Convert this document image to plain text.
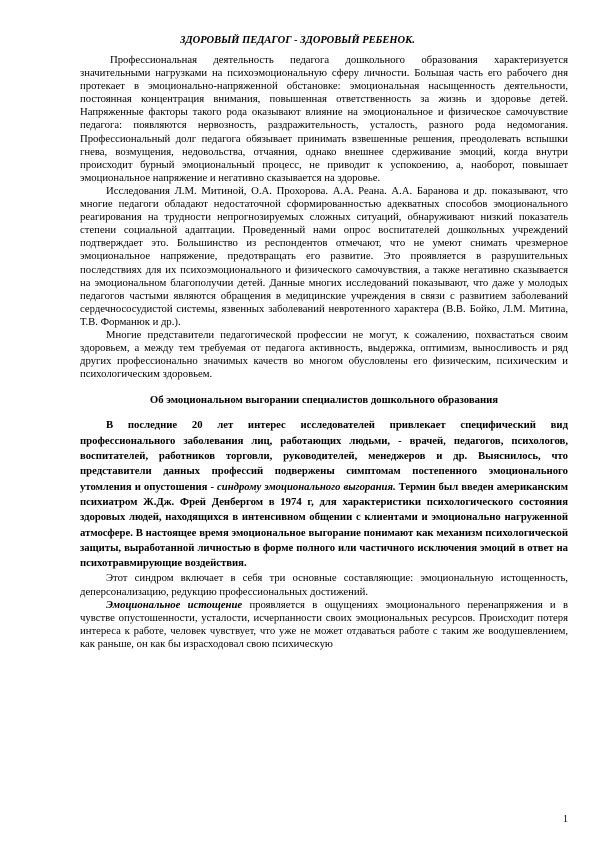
ЗДОРОВЫЙ ПЕДАГОГ - ЗДОРОВЫЙ РЕБЕНОК.

Профессиональная деятельность педагога дошкольного образования характеризуется значительными нагрузками на психоэмоциональную сферу личности. Большая часть его рабочего дня протекает в эмоционально-напряженной обстановке: эмоциональная насыщенность деятельности, постоянная концентрация внимания, повышенная ответственность за жизнь и здоровье детей. Напряженные факторы такого рода оказывают влияние на эмоциональное и физическое самочувствие педагога: появляются нервозность, раздражительность, усталость, разного рода недомогания. Профессиональный долг педагога обязывает принимать взвешенные решения, преодолевать вспышки гнева, возмущения, недовольства, отчаяния, однако внешнее сдерживание эмоций, когда внутри происходит бурный эмоциональный процесс, не приводит к успокоению, а, наоборот, повышает эмоциональное напряжение и негативно сказывается на здоровье.

Исследования Л.М. Митиной, О.А. Прохорова. А.А. Реана. А.А. Баранова и др. показывают, что многие педагоги обладают недостаточной сформированностью адекватных способов эмоционального реагирования на трудности непрогнозируемых сложных ситуаций, обнаруживают низкий показатель степени социальной адаптации. Проведенный нами опрос воспитателей дошкольных учреждений подтверждает это. Большинство из респондентов отмечают, что не умеют снимать чрезмерное эмоциональное напряжение, предотвращать его развитие. Это проявляется в разрушительных последствиях для их психоэмоционального и физического самочувствия, а также негативно сказывается на эмоциональном благополучии детей. Данные многих исследований показывают, что даже у молодых педагогов частыми являются обращения в медицинские учреждения в связи с развитием заболеваний сердечнососудистой системы, язвенных заболеваний невротенного характера (В.В. Бойко, Л.М. Митина, Т.В. Форманюк и др.).

Многие представители педагогической профессии не могут, к сожалению, похвастаться своим здоровьем, а между тем требуемая от педагога активность, выдержка, оптимизм, выносливость и ряд других профессионально значимых качеств во многом обусловлены его физическим, психическим и психологическим здоровьем.

Об эмоциональном выгорании специалистов дошкольного образования

В последние 20 лет интерес исследователей привлекает специфический вид профессионального заболевания лиц, работающих людьми, - врачей, педагогов, психологов, воспитателей, работников торговли, руководителей, менеджеров и др. Выяснилось, что представители данных профессий подвержены симптомам постепенного эмоционального утомления и опустошения - синдрому эмоционального выгорания. Термин был введен американским психиатром Ж.Дж. Фрей Денбергом в 1974 г, для характеристики психологического состояния здоровых людей, находящихся в интенсивном общении с клиентами и эмоционально нагруженной атмосфере. В настоящее время эмоциональное выгорание понимают как механизм психологической защиты, выработанной личностью в форме полного или частичного исключения эмоций в ответ на психотравмирующие воздействия.

Этот синдром включает в себя три основные составляющие: эмоциональную истощенность, деперсонализацию, редукцию профессиональных достижений.

Эмоциональное истощение проявляется в ощущениях эмоционального перенапряжения и в чувстве опустошенности, усталости, исчерпанности своих эмоциональных ресурсов. Происходит потеря интереса к работе, человек чувствует, что уже не может отдаваться работе с таким же воодушевлением, как раньше, он как бы израсходовал свою психическую

1
